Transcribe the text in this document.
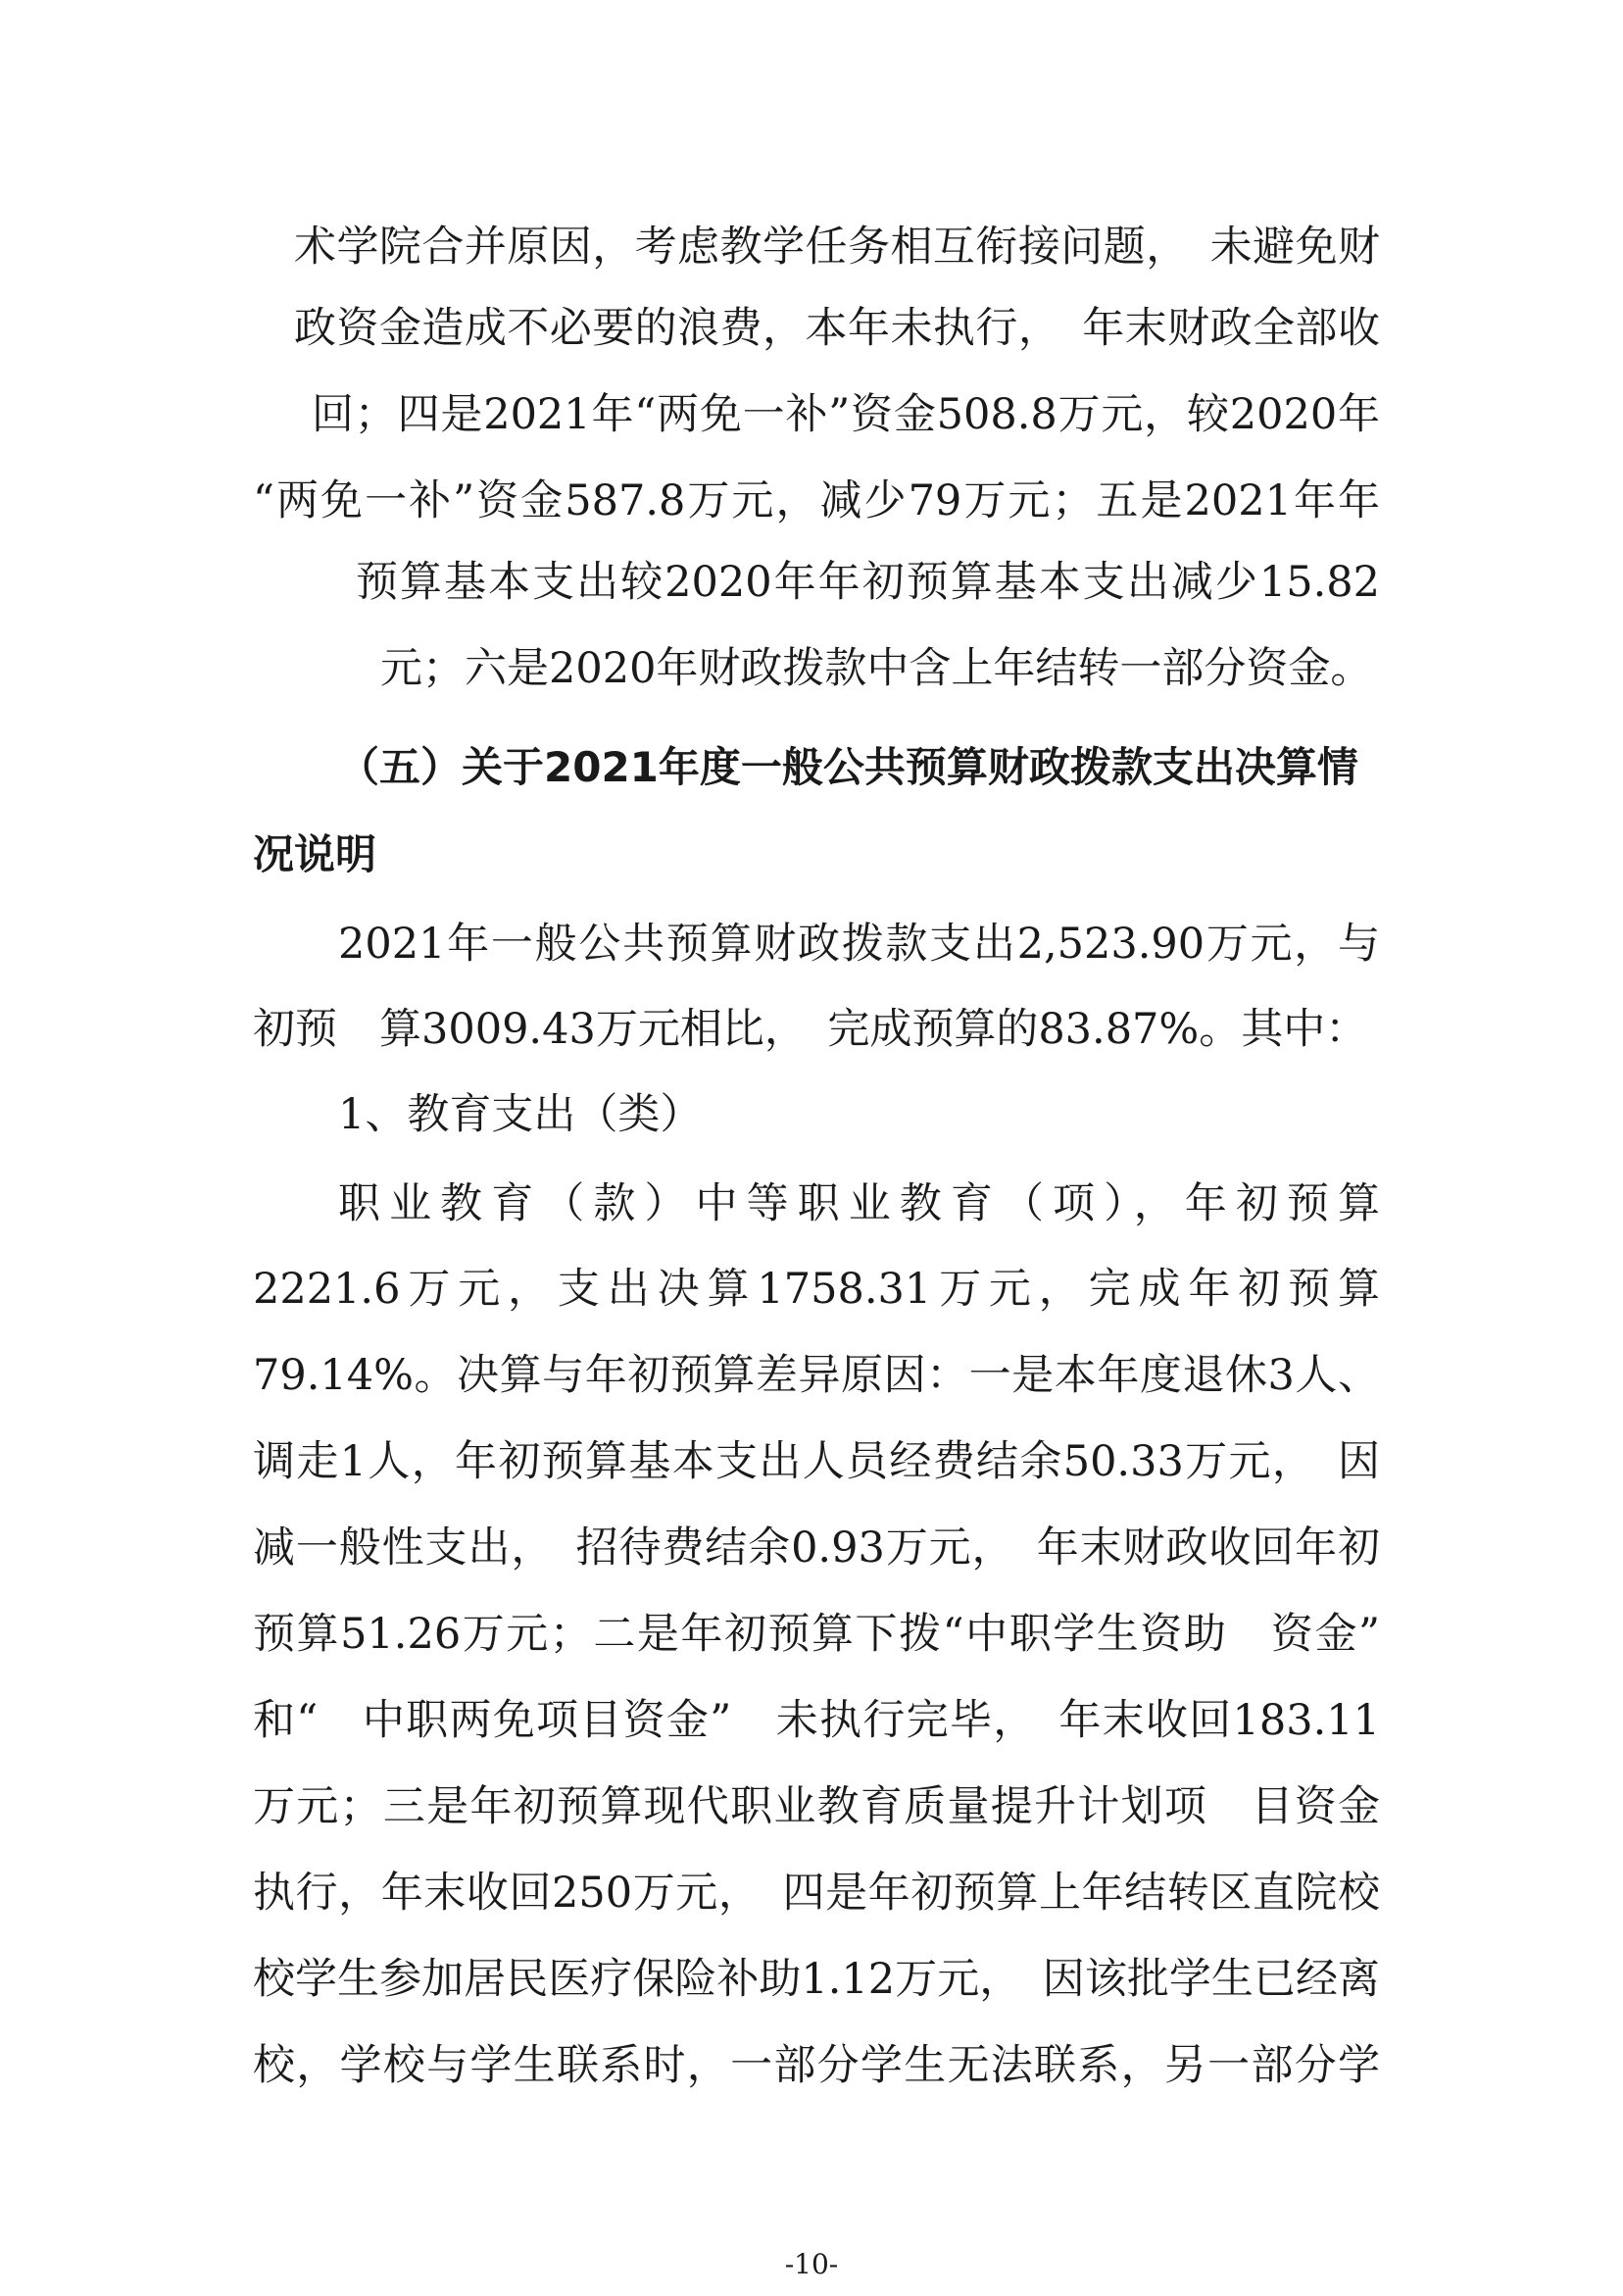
术学院合并原因，考虑教学任务相互衔接问题，　未避免财
政资金造成不必要的浪费，本年未执行，　年末财政全部收
回；四是2021年“两免一补”资金508.8万元，较2020年
“两免一补”资金587.8万元，减少79万元；五是2021年年　
预算基本支出较2020年年初预算基本支出减少15.82
元；六是2020年财政拨款中含上年结转一部分资金。
（五）关于2021年度一般公共预算财政拨款支出决算情
况说明
2021年一般公共预算财政拨款支出2,523.90万元，与
初预　算3009.43万元相比，　完成预算的83.87%。其中：
1、教育支出（类）
职业教育（款）中等职业教育（项），年初预算
2221.6万元，支出决算1758.31万元，完成年初预算
79.14%。决算与年初预算差异原因：一是本年度退休3人、
调走1人，年初预算基本支出人员经费结余50.33万元，　因
减一般性支出，　招待费结余0.93万元，　年末财政收回年初
预算51.26万元；二是年初预算下拨“中职学生资助　资金”
和“　中职两免项目资金”　未执行完毕，　年末收回183.11
万元；三是年初预算现代职业教育质量提升计划项　目资金
执行，年末收回250万元，　四是年初预算上年结转区直院校
校学生参加居民医疗保险补助1.12万元，　因该批学生已经离
校，学校与学生联系时，一部分学生无法联系，另一部分学
-10-
